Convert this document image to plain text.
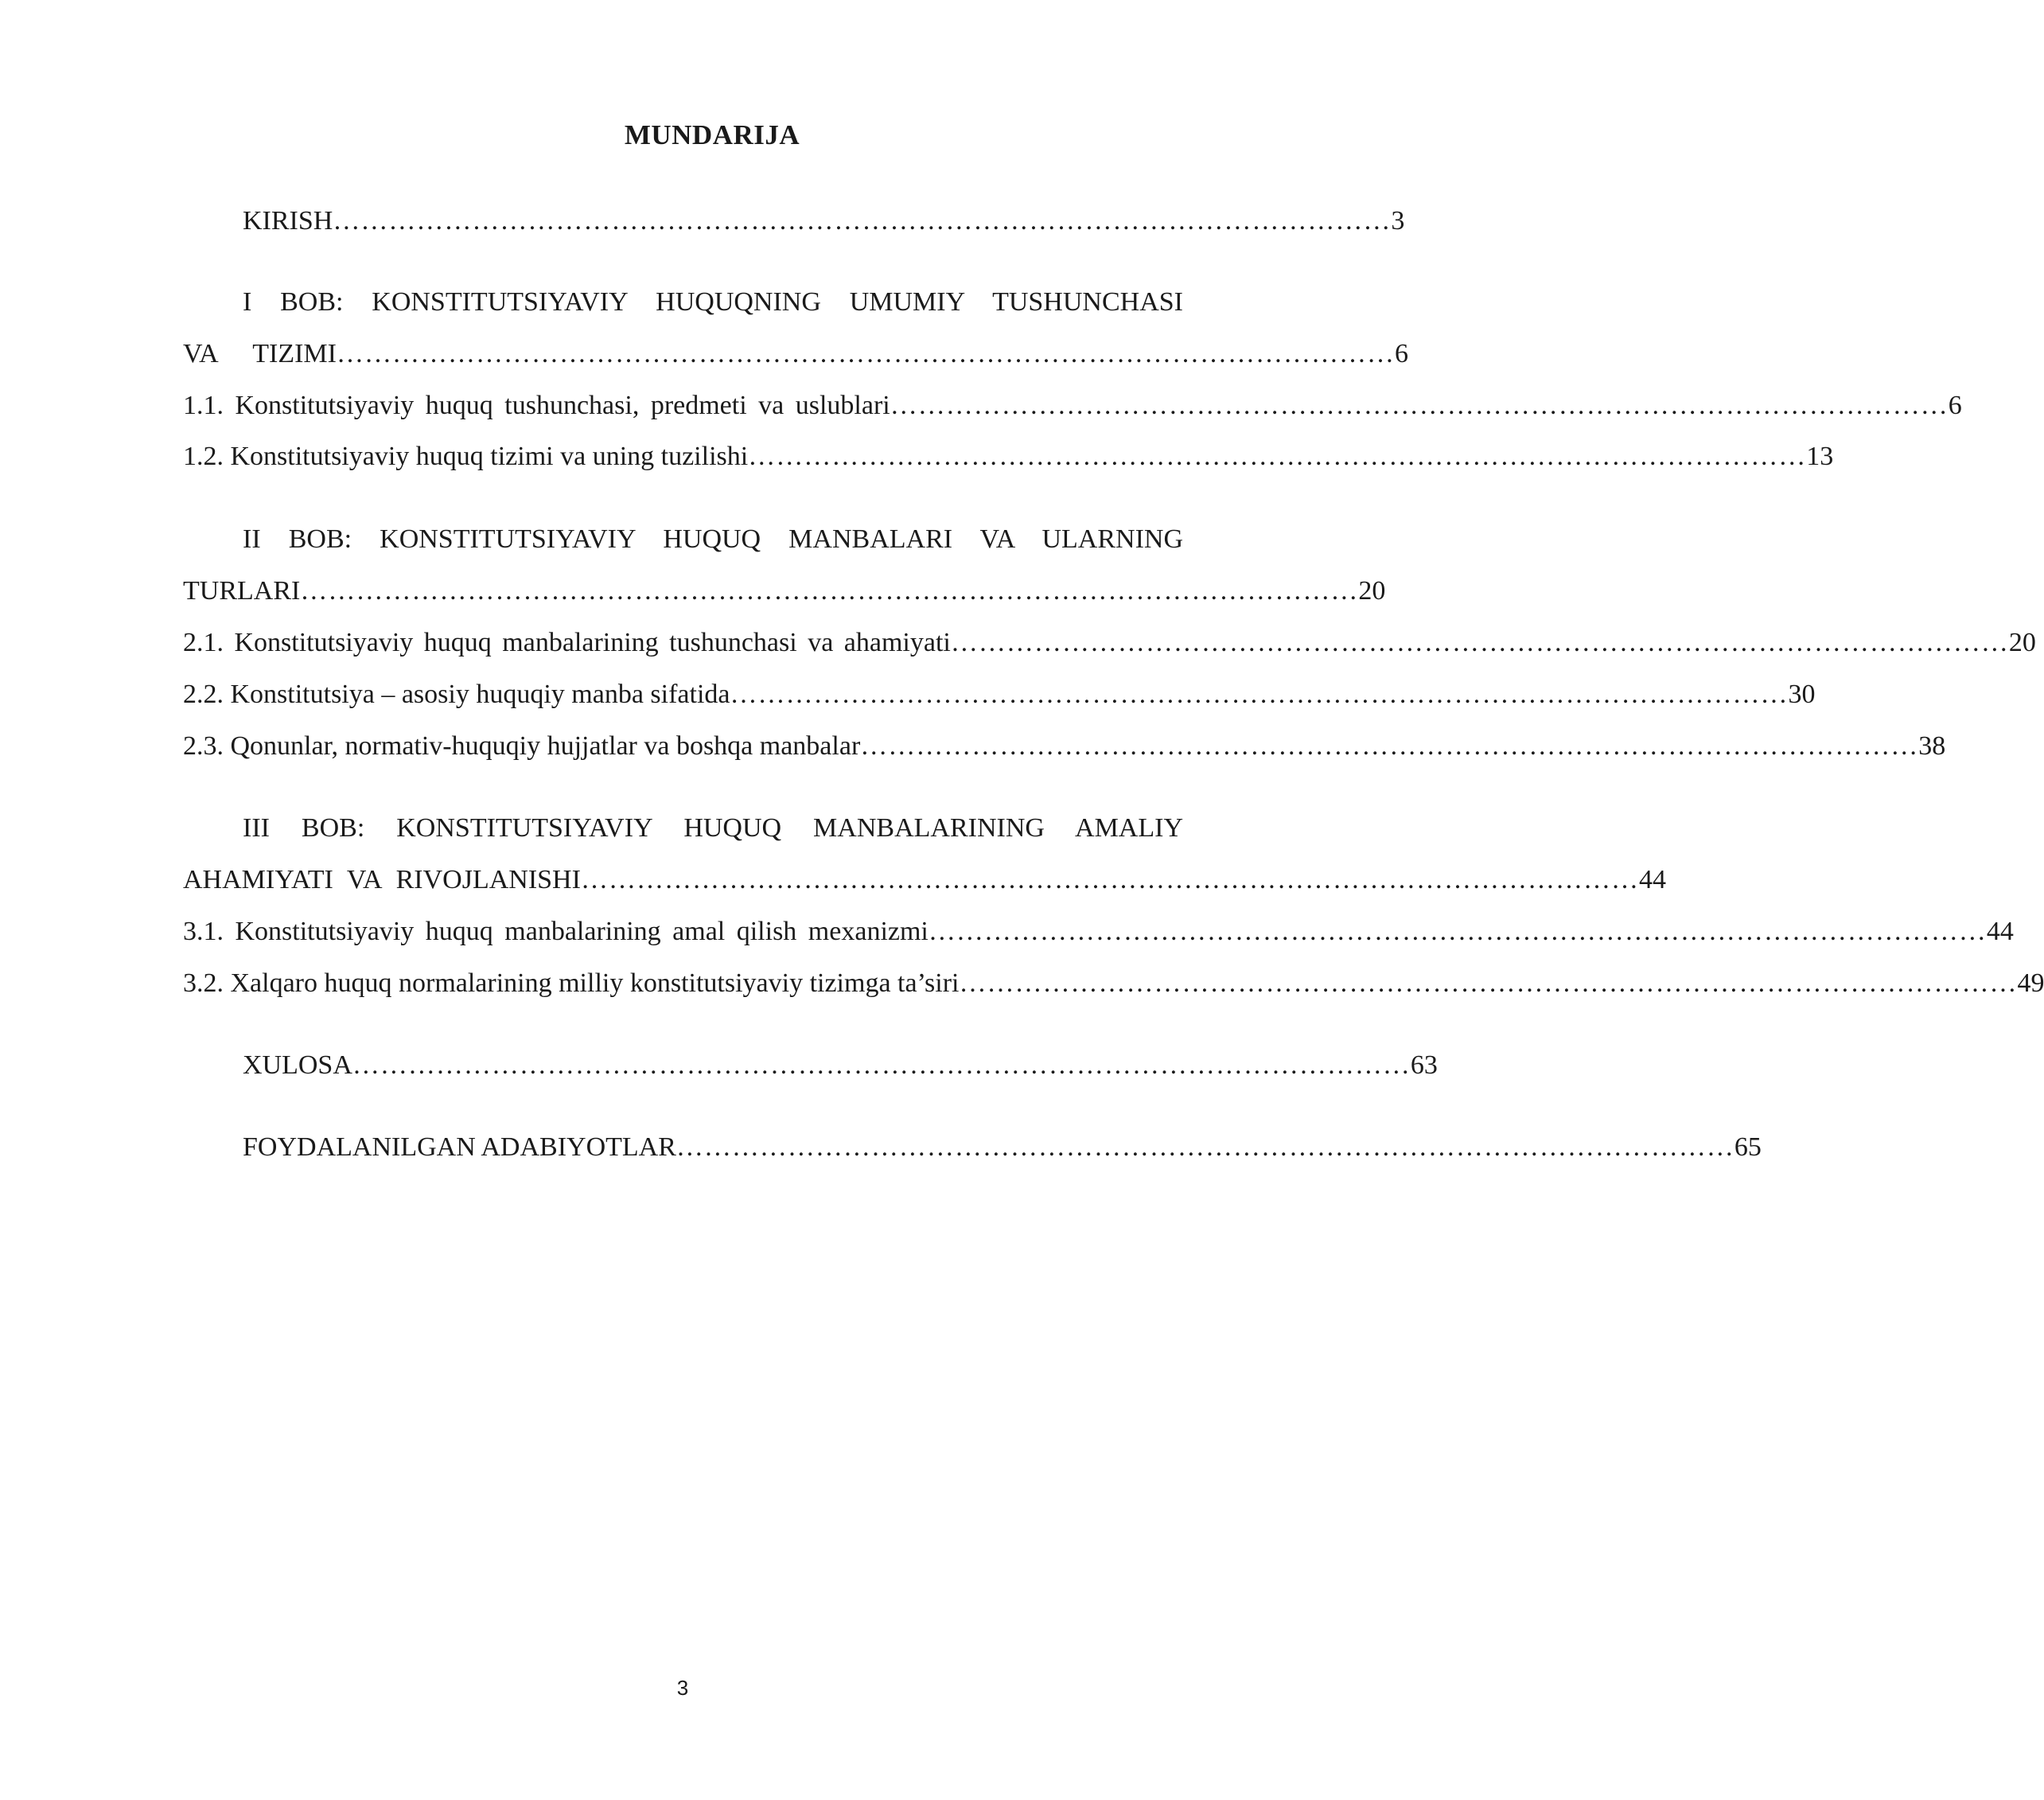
MUNDARIJA
KIRISH …………………………………………………………………………………………………… 3
I BOB: KONSTITUTSIYAVIY HUQUQNING UMUMIY TUSHUNCHASI
VA     TIZIMI …………………………………………………………………………………………………… 6
1.1. Konstitutsiyaviy huquq tushunchasi, predmeti va uslublari …………………………………………………………………………………………………… 6
1.2. Konstitutsiyaviy huquq tizimi va uning tuzilishi …………………………………………………………………………………………………… 13
II BOB: KONSTITUTSIYAVIY HUQUQ MANBALARI VA ULARNING
TURLARI …………………………………………………………………………………………………… 20
2.1. Konstitutsiyaviy huquq manbalarining tushunchasi va ahamiyati …………………………………………………………………………………………………… 20
2.2. Konstitutsiya – asosiy huquqiy manba sifatida …………………………………………………………………………………………………… 30
2.3. Qonunlar, normativ-huquqiy hujjatlar va boshqa manbalar …………………………………………………………………………………………………… 38
III BOB: KONSTITUTSIYAVIY HUQUQ MANBALARINING AMALIY
AHAMIYATI  VA  RIVOJLANISHI …………………………………………………………………………………………………… 44
3.1. Konstitutsiyaviy huquq manbalarining amal qilish mexanizmi …………………………………………………………………………………………………… 44
3.2. Xalqaro huquq normalarining milliy konstitutsiyaviy tizimga ta’siri …………………………………………………………………………………………………… 49
XULOSA …………………………………………………………………………………………………… 63
FOYDALANILGAN ADABIYOTLAR …………………………………………………………………………………………………… 65
3
